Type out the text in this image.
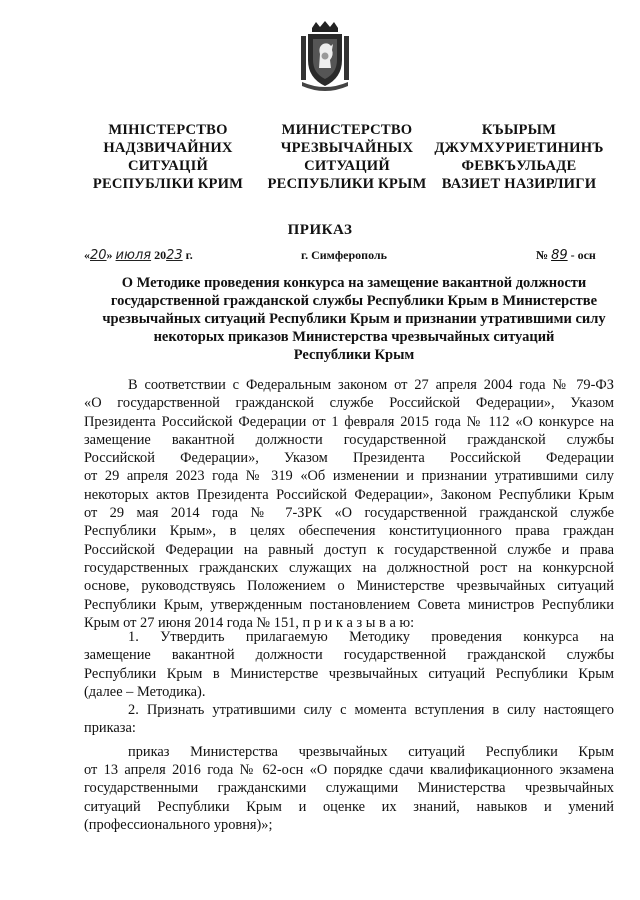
МІНІСТЕРСТВО
НАДЗВИЧАЙНИХ
СИТУАЦІЙ
РЕСПУБЛІКИ КРИМ
МИНИСТЕРСТВО
ЧРЕЗВЫЧАЙНЫХ
СИТУАЦИЙ
РЕСПУБЛИКИ КРЫМ
КЪЫРЫМ
ДЖУМХУРИЕТИНИНЪ
ФЕВКЪУЛЬАДЕ
ВАЗИЕТ НАЗИРЛИГИ
ПРИКАЗ
«20» июля 2023 г.	г. Симферополь	№ 89 - осн
О Методике проведения конкурса на замещение вакантной должности
государственной гражданской службы Республики Крым в Министерстве
чрезвычайных ситуаций Республики Крым и признании утратившими силу
некоторых приказов Министерства чрезвычайных ситуаций
Республики Крым
В соответствии с Федеральным законом от 27 апреля 2004 года № 79-ФЗ
«О государственной гражданской службе Российской Федерации», Указом
Президента Российской Федерации от 1 февраля 2015 года № 112 «О конкурсе на
замещение вакантной должности государственной гражданской службы
Российской Федерации», Указом Президента Российской Федерации
от 29 апреля 2023 года № 319 «Об изменении и признании утратившими силу
некоторых актов Президента Российской Федерации», Законом Республики Крым
от 29 мая 2014 года № 7-ЗРК «О государственной гражданской службе
Республики Крым», в целях обеспечения конституционного права граждан
Российской Федерации на равный доступ к государственной службе и права
государственных гражданских служащих на должностной рост на конкурсной
основе, руководствуясь Положением о Министерстве чрезвычайных ситуаций
Республики Крым, утвержденным постановлением Совета министров Республики
Крым от 27 июня 2014 года № 151, п р и к а з ы в а ю:
1. Утвердить прилагаемую Методику проведения конкурса на
замещение вакантной должности государственной гражданской службы
Республики Крым в Министерстве чрезвычайных ситуаций Республики Крым
(далее – Методика).
2. Признать утратившими силу с момента вступления в силу настоящего
приказа:
приказ Министерства чрезвычайных ситуаций Республики Крым
от 13 апреля 2016 года № 62-осн «О порядке сдачи квалификационного экзамена
государственными гражданскими служащими Министерства чрезвычайных
ситуаций Республики Крым и оценке их знаний, навыков и умений
(профессионального уровня)»;
